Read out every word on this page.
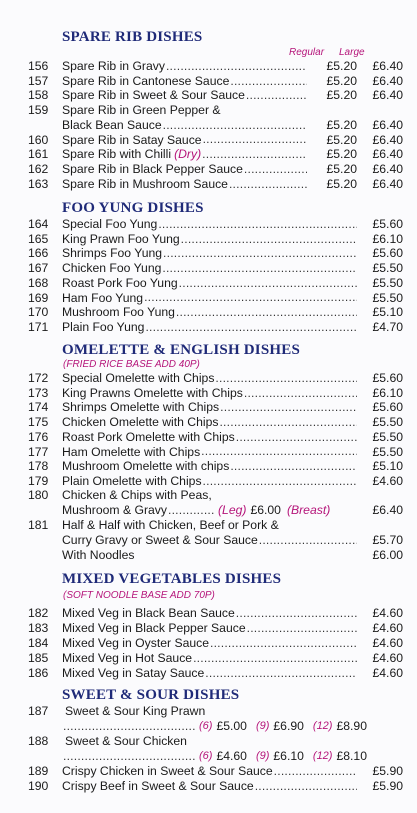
SPARE RIB DISHES
Regular Large
156	Spare Rib in Gravy .....	£5.20	£6.40
157	Spare Rib in Cantonese Sauce .....	£5.20	£6.40
158	Spare Rib in Sweet & Sour Sauce .....	£5.20	£6.40
159	Spare Rib in Green Pepper &
Black Bean Sauce .....	£5.20	£6.40
160	Spare Rib in Satay Sauce .....	£5.20	£6.40
161	Spare Rib with Chilli (Dry) .....	£5.20	£6.40
162	Spare Rib in Black Pepper Sauce .....	£5.20	£6.40
163	Spare Rib in Mushroom Sauce .....	£5.20	£6.40
FOO YUNG DISHES
164	Special Foo Yung .....	£5.60
165	King Prawn Foo Yung .....	£6.10
166	Shrimps Foo Yung .....	£5.60
167	Chicken Foo Yung .....	£5.50
168	Roast Pork Foo Yung .....	£5.50
169	Ham Foo Yung .....	£5.50
170	Mushroom Foo Yung .....	£5.10
171	Plain Foo Yung .....	£4.70
OMELETTE & ENGLISH DISHES
(FRIED RICE BASE ADD 40P)
172	Special Omelette with Chips .....	£5.60
173	King Prawns Omelette with Chips .....	£6.10
174	Shrimps Omelette with Chips .....	£5.60
175	Chicken Omelette with Chips .....	£5.50
176	Roast Pork Omelette with Chips .....	£5.50
177	Ham Omelette with Chips .....	£5.50
178	Mushroom Omelette with chips .....	£5.10
179	Plain Omelette with Chips .....	£4.60
180	Chicken & Chips with Peas,
Mushroom & Gravy .....	(Leg) £6.00 (Breast)	£6.40
181	Half & Half with Chicken, Beef or Pork &
Curry Gravy or Sweet & Sour Sauce .....	£5.70
With Noodles	£6.00
MIXED VEGETABLES DISHES
(SOFT NOODLE BASE ADD 70P)
182	Mixed Veg in Black Bean Sauce .....	£4.60
183	Mixed Veg in Black Pepper Sauce .....	£4.60
184	Mixed Veg in Oyster Sauce .....	£4.60
185	Mixed Veg in Hot Sauce .....	£4.60
186	Mixed Veg in Satay Sauce .....	£4.60
SWEET & SOUR DISHES
187	Sweet & Sour King Prawn
.....
(6) £5.00 (9) £6.90 (12) £8.90
188	Sweet & Sour Chicken
.....
(6) £4.60 (9) £6.10 (12) £8.10
189	Crispy Chicken in Sweet & Sour Sauce .....	£5.90
190	Crispy Beef in Sweet & Sour Sauce .....	£5.90
